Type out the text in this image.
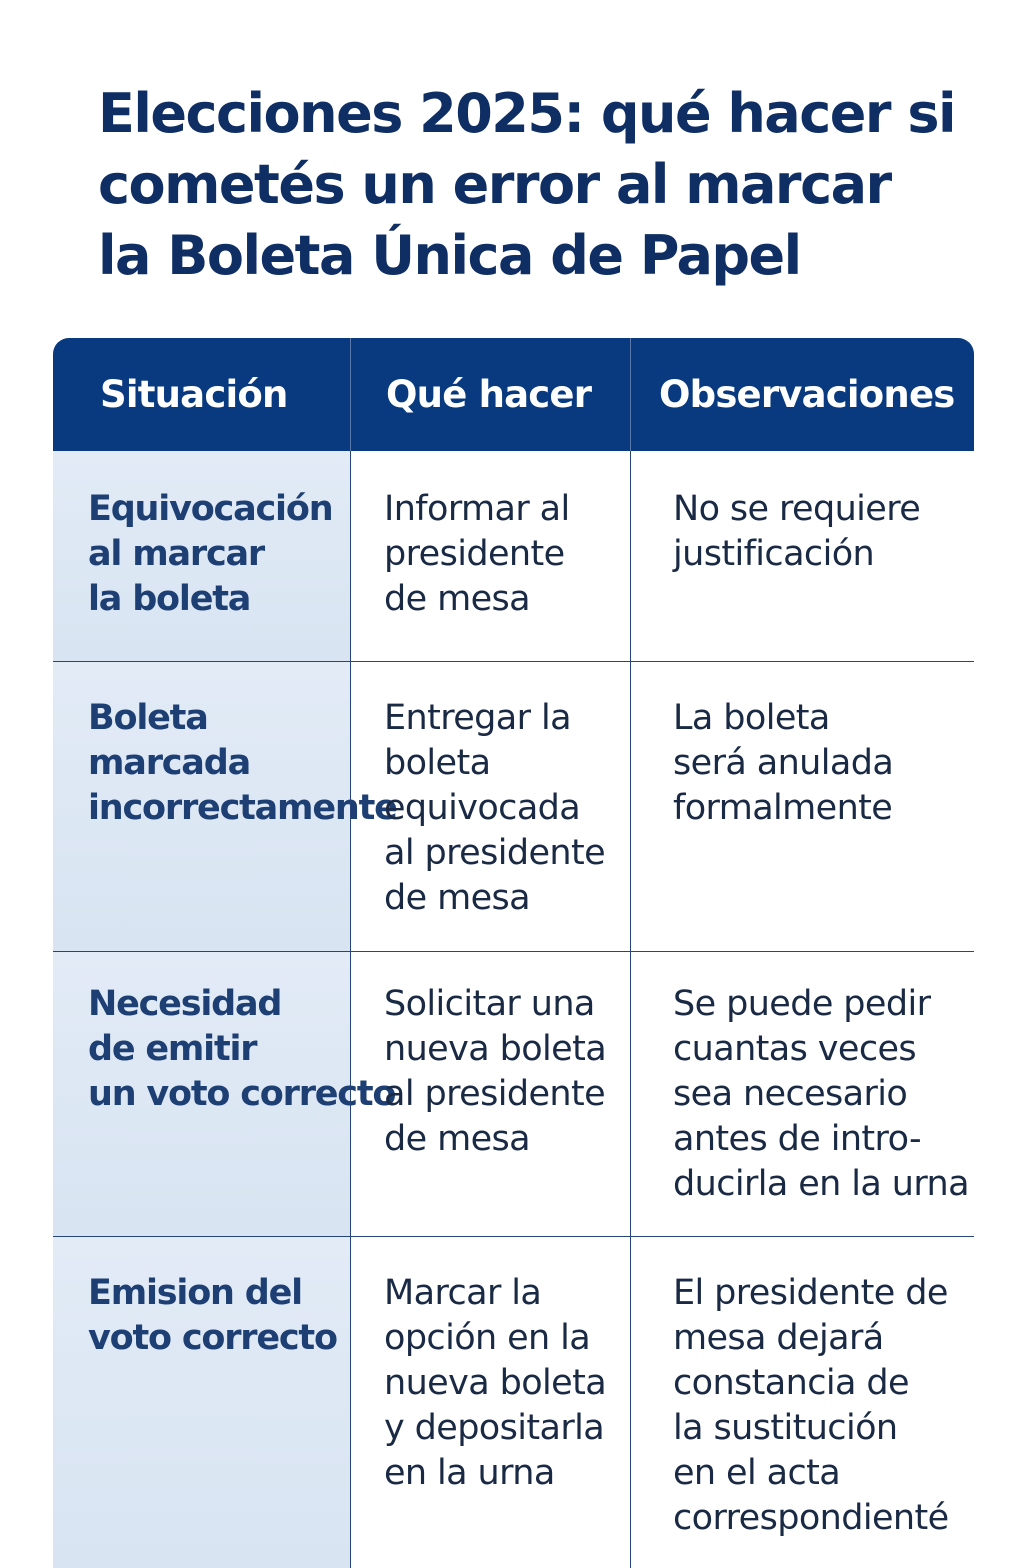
Elecciones 2025: qué hacer si
cometés un error al marcar
la Boleta Única de Papel
Situación	Qué hacer	Observaciones
Equivocación
al marcar
la boleta
Informar al
presidente
de mesa
No se requiere
justificación
Boleta
marcada
incorrectamente
Entregar la
boleta
equivocada
al presidente
de mesa
La boleta
será anulada
formalmente
Necesidad
de emitir
un voto correcto
Solicitar una
nueva boleta
al presidente
de mesa
Se puede pedir
cuantas veces
sea necesario
antes de intro-
ducirla en la urna
Emision del
voto correcto
Marcar la
opción en la
nueva boleta
y depositarla
en la urna
El presidente de
mesa dejará
constancia de
la sustitución
en el acta
correspondienté
